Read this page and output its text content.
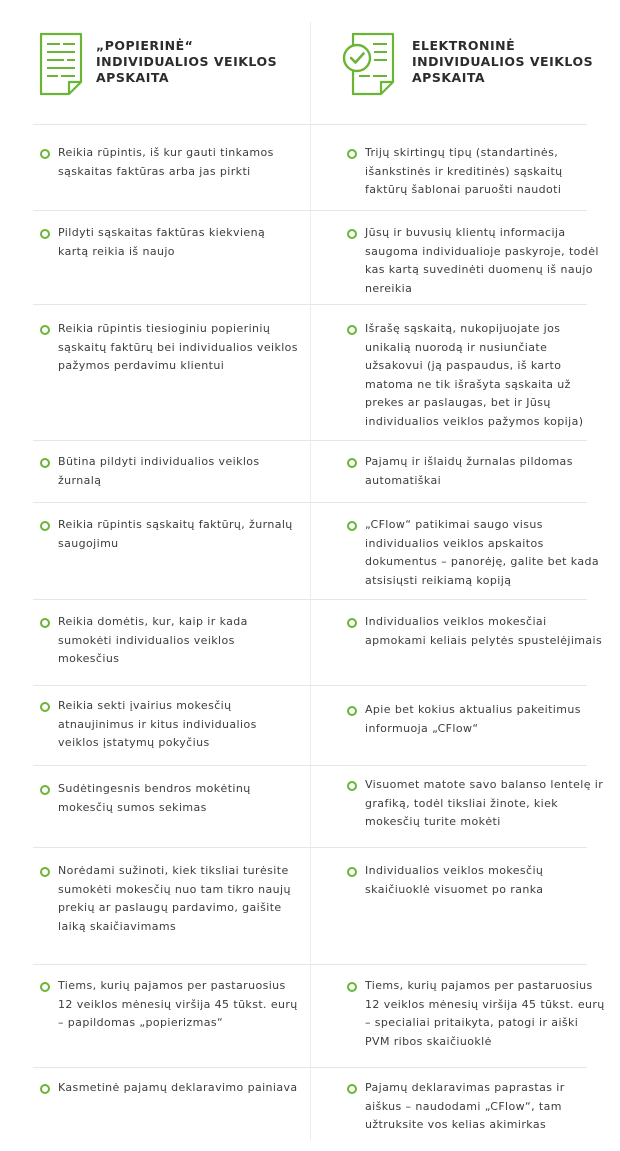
„POPIERINĖ“
INDIVIDUALIOS VEIKLOS
APSKAITA
ELEKTRONINĖ
INDIVIDUALIOS VEIKLOS
APSKAITA
Reikia rūpintis, iš kur gauti tinkamos sąskaitas faktūras arba jas pirkti
Trijų skirtingų tipų (standartinės, išankstinės ir kreditinės) sąskaitų faktūrų šablonai paruošti naudoti
Pildyti sąskaitas faktūras kiekvieną kartą reikia iš naujo
Jūsų ir buvusių klientų informacija saugoma individualioje paskyroje, todėl kas kartą suvedinėti duomenų iš naujo nereikia
Reikia rūpintis tiesioginiu popierinių sąskaitų faktūrų bei individualios veiklos pažymos perdavimu klientui
Išrašę sąskaitą, nukopijuojate jos unikalią nuorodą ir nusiunčiate užsakovui (ją paspaudus, iš karto matoma ne tik išrašyta sąskaita už prekes ar paslaugas, bet ir Jūsų individualios veiklos pažymos kopija)
Būtina pildyti individualios veiklos žurnalą
Pajamų ir išlaidų žurnalas pildomas automatiškai
Reikia rūpintis sąskaitų faktūrų, žurnalų saugojimu
„CFlow“ patikimai saugo visus individualios veiklos apskaitos dokumentus – panorėję, galite bet kada atsisiųsti reikiamą kopiją
Reikia domėtis, kur, kaip ir kada sumokėti individualios veiklos mokesčius
Individualios veiklos mokesčiai apmokami keliais pelytės spustelėjimais
Reikia sekti įvairius mokesčių atnaujinimus ir kitus individualios veiklos įstatymų pokyčius
Apie bet kokius aktualius pakeitimus informuoja „CFlow“
Sudėtingesnis bendros mokėtinų mokesčių sumos sekimas
Visuomet matote savo balanso lentelę ir grafiką, todėl tiksliai žinote, kiek mokesčių turite mokėti
Norėdami sužinoti, kiek tiksliai turėsite sumokėti mokesčių nuo tam tikro naujų prekių ar paslaugų pardavimo, gaišite laiką skaičiavimams
Individualios veiklos mokesčių skaičiuoklė visuomet po ranka
Tiems, kurių pajamos per pastaruosius 12 veiklos mėnesių viršija 45 tūkst. eurų – papildomas „popierizmas“
Tiems, kurių pajamos per pastaruosius 12 veiklos mėnesių viršija 45 tūkst. eurų – specialiai pritaikyta, patogi ir aiški PVM ribos skaičiuoklė
Kasmetinė pajamų deklaravimo painiava	Pajamų deklaravimas paprastas ir aiškus – naudodami „CFlow“, tam užtruksite vos kelias akimirkas
